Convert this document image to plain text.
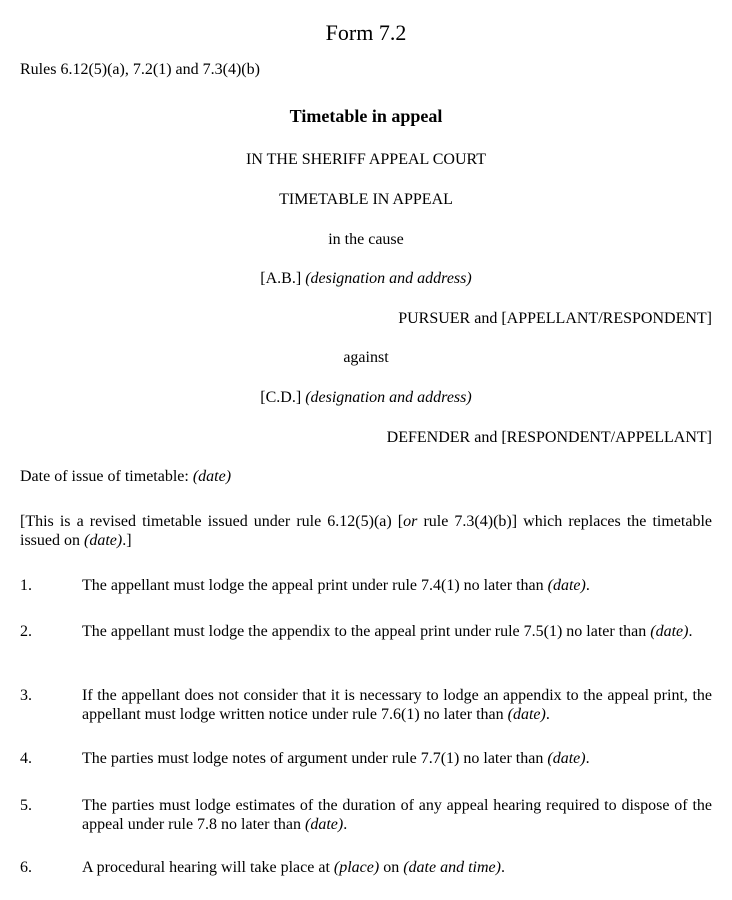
Form 7.2
Rules 6.12(5)(a), 7.2(1) and 7.3(4)(b)
Timetable in appeal
IN THE SHERIFF APPEAL COURT
TIMETABLE IN APPEAL
in the cause
[A.B.] (designation and address)
PURSUER and [APPELLANT/RESPONDENT]
against
[C.D.] (designation and address)
DEFENDER and [RESPONDENT/APPELLANT]
Date of issue of timetable: (date)
[This is a revised timetable issued under rule 6.12(5)(a) [or rule 7.3(4)(b)] which replaces the timetable issued on (date).]
1.	The appellant must lodge the appeal print under rule 7.4(1) no later than (date).
2.	The appellant must lodge the appendix to the appeal print under rule 7.5(1) no later than (date).
3.	If the appellant does not consider that it is necessary to lodge an appendix to the appeal print, the appellant must lodge written notice under rule 7.6(1) no later than (date).
4.	The parties must lodge notes of argument under rule 7.7(1) no later than (date).
5.	The parties must lodge estimates of the duration of any appeal hearing required to dispose of the appeal under rule 7.8 no later than (date).
6.	A procedural hearing will take place at (place) on (date and time).
